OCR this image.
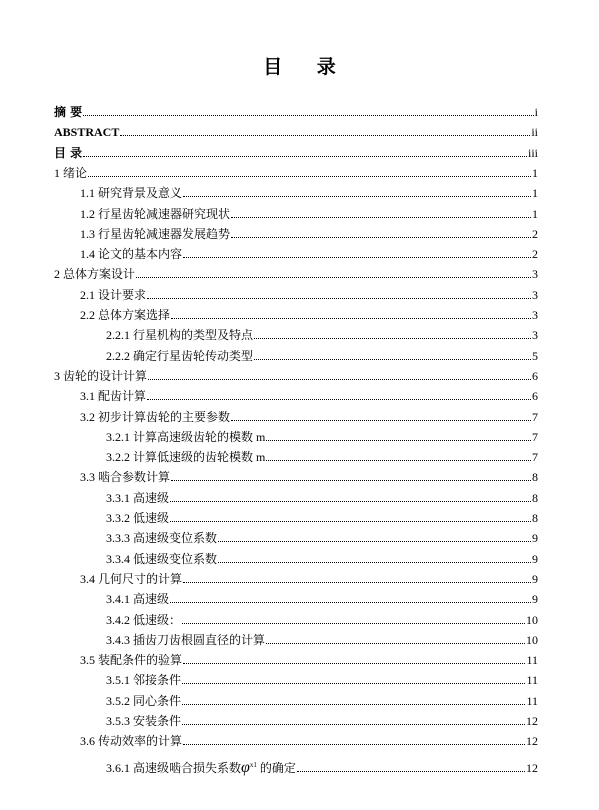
目 录
摘 要	i
ABSTRACT	ii
目 录	iii
1 绪论	1
1.1 研究背景及意义	1
1.2 行星齿轮减速器研究现状	1
1.3 行星齿轮减速器发展趋势	2
1.4 论文的基本内容	2
2 总体方案设计	3
2.1 设计要求	3
2.2 总体方案选择	3
2.2.1 行星机构的类型及特点	3
2.2.2 确定行星齿轮传动类型	5
3 齿轮的设计计算	6
3.1 配齿计算	6
3.2 初步计算齿轮的主要参数	7
3.2.1 计算高速级齿轮的模数 m	7
3.2.2 计算低速级的齿轮模数 m	7
3.3 啮合参数计算	8
3.3.1 高速级	8
3.3.2 低速级	8
3.3.3 高速级变位系数	9
3.3.4 低速级变位系数	9
3.4 几何尺寸的计算	9
3.4.1 高速级	9
3.4.2 低速级：	10
3.4.3 插齿刀齿根圆直径的计算	10
3.5 装配条件的验算	11
3.5.1 邻接条件	11
3.5.2 同心条件	11
3.5.3 安装条件	12
3.6 传动效率的计算	12
3.6.1 高速级啮合损失系数$\varphi^{x1}$ 的确定	12
